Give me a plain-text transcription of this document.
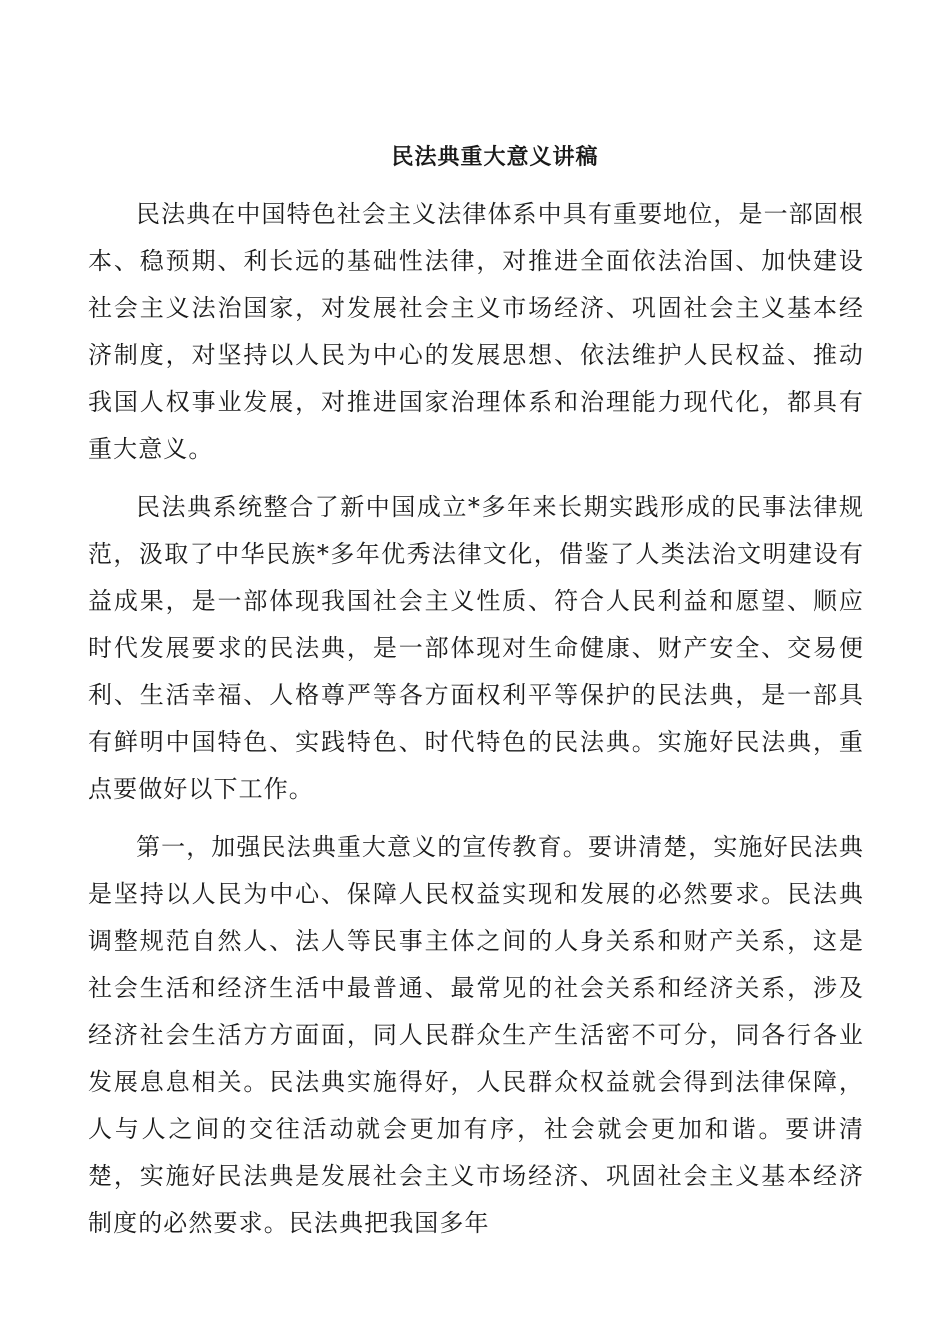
民法典重大意义讲稿

民法典在中国特色社会主义法律体系中具有重要地位，是一部固根本、稳预期、利长远的基础性法律，对推进全面依法治国、加快建设社会主义法治国家，对发展社会主义市场经济、巩固社会主义基本经济制度，对坚持以人民为中心的发展思想、依法维护人民权益、推动我国人权事业发展，对推进国家治理体系和治理能力现代化，都具有重大意义。

民法典系统整合了新中国成立*多年来长期实践形成的民事法律规范，汲取了中华民族*多年优秀法律文化，借鉴了人类法治文明建设有益成果，是一部体现我国社会主义性质、符合人民利益和愿望、顺应时代发展要求的民法典，是一部体现对生命健康、财产安全、交易便利、生活幸福、人格尊严等各方面权利平等保护的民法典，是一部具有鲜明中国特色、实践特色、时代特色的民法典。实施好民法典，重点要做好以下工作。

第一，加强民法典重大意义的宣传教育。要讲清楚，实施好民法典是坚持以人民为中心、保障人民权益实现和发展的必然要求。民法典调整规范自然人、法人等民事主体之间的人身关系和财产关系，这是社会生活和经济生活中最普通、最常见的社会关系和经济关系，涉及经济社会生活方方面面，同人民群众生产生活密不可分，同各行各业发展息息相关。民法典实施得好，人民群众权益就会得到法律保障，人与人之间的交往活动就会更加有序，社会就会更加和谐。要讲清楚，实施好民法典是发展社会主义市场经济、巩固社会主义基本经济制度的必然要求。民法典把我国多年
